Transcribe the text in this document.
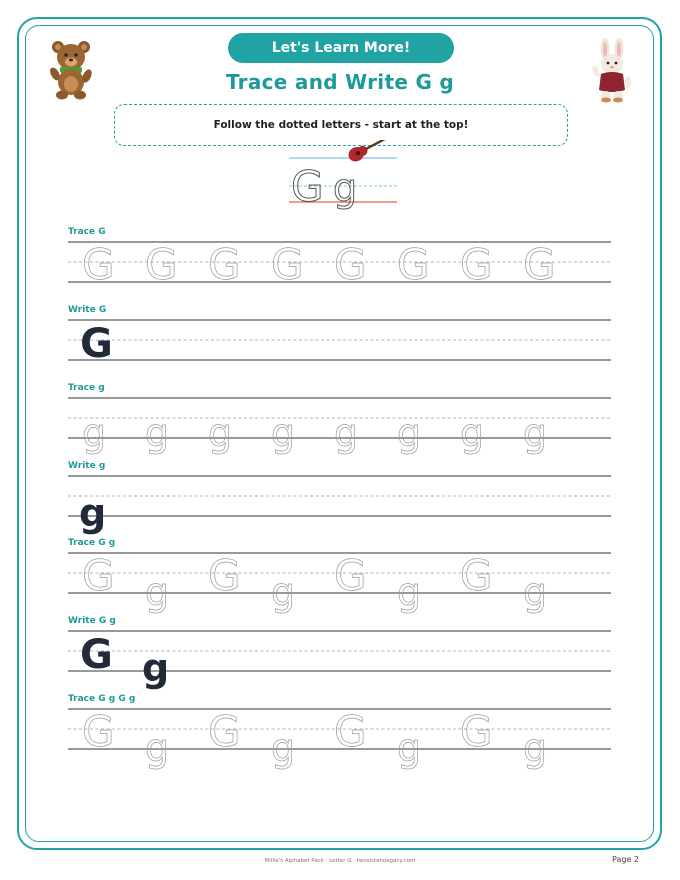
Let's Learn More!
Trace and Write G g
Follow the dotted letters - start at the top!
G g
Trace G
G G G G G G G G
Write G
G
Trace g
g g g g g g g g
Write g
g
Trace G g
G g G g G g G g
Write G g
G g
Trace G g G g
G g G g G g G g
Millie's Alphabet Pack · Letter G · twosisterslegacy.com	Page 2
